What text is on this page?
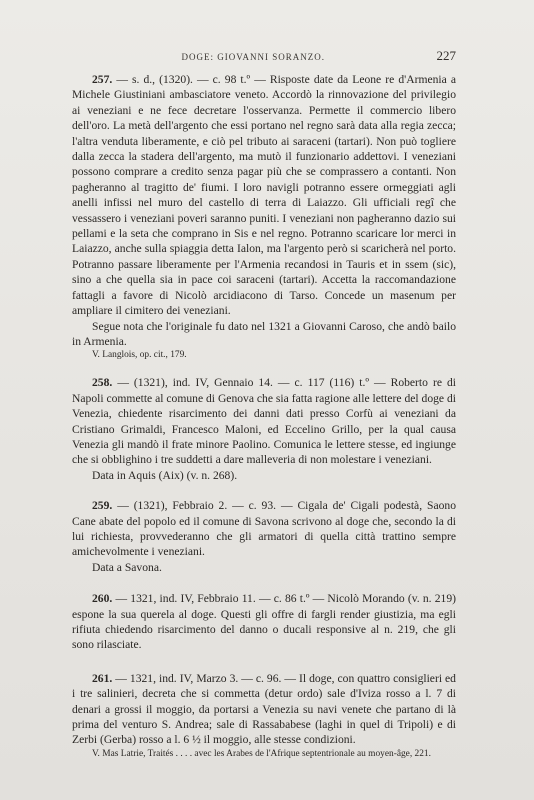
DOGE: GIOVANNI SORANZO.	227

257. — s. d., (1320). — c. 98 t.º — Risposte date da Leone re d'Armenia a Michele Giustiniani ambasciatore veneto. Accordò la rinnovazione del privilegio ai veneziani e ne fece decretare l'osservanza. Permette il commercio libero dell'oro. La metà dell'argento che essi portano nel regno sarà data alla regia zecca; l'altra venduta liberamente, e ciò pel tributo ai saraceni (tartari). Non può togliere dalla zecca la stadera dell'argento, ma mutò il funzionario addettovi. I veneziani possono comprare a credito senza pagar più che se comprassero a contanti. Non pagheranno al tragitto de' fiumi. I loro navigli potranno essere ormeggiati agli anelli infissi nel muro del castello di terra di Laiazzo. Gli ufficiali regî che vessassero i veneziani poveri saranno puniti. I veneziani non pagheranno dazio sui pellami e la seta che comprano in Sis e nel regno. Potranno scaricare lor merci in Laiazzo, anche sulla spiaggia detta Ialon, ma l'argento però si scaricherà nel porto. Potranno passare liberamente per l'Armenia recandosi in Tauris et in ssem (sic), sino a che quella sia in pace coi saraceni (tartari). Accetta la raccomandazione fattagli a favore di Nicolò arcidiacono di Tarso. Concede un masenum per ampliare il cimitero dei veneziani.

Segue nota che l'originale fu dato nel 1321 a Giovanni Caroso, che andò bailo in Armenia.

V. Langlois, op. cit., 179.

258. — (1321), ind. IV, Gennaio 14. — c. 117 (116) t.º — Roberto re di Napoli commette al comune di Genova che sia fatta ragione alle lettere del doge di Venezia, chiedente risarcimento dei danni dati presso Corfù ai veneziani da Cristiano Grimaldi, Francesco Maloni, ed Eccelino Grillo, per la qual causa Venezia gli mandò il frate minore Paolino. Comunica le lettere stesse, ed ingiunge che si obblighino i tre suddetti a dare malleveria di non molestare i veneziani.

Data in Aquis (Aix) (v. n. 268).

259. — (1321), Febbraio 2. — c. 93. — Cigala de' Cigali podestà, Saono Cane abate del popolo ed il comune di Savona scrivono al doge che, secondo la di lui richiesta, provvederanno che gli armatori di quella città trattino sempre amichevolmente i veneziani.

Data a Savona.

260. — 1321, ind. IV, Febbraio 11. — c. 86 t.º — Nicolò Morando (v. n. 219) espone la sua querela al doge. Questi gli offre di fargli render giustizia, ma egli rifiuta chiedendo risarcimento del danno o ducali responsive al n. 219, che gli sono rilasciate.

261. — 1321, ind. IV, Marzo 3. — c. 96. — Il doge, con quattro consiglieri ed i tre salinieri, decreta che si commetta (detur ordo) sale d'Iviza rosso a l. 7 di denari a grossi il moggio, da portarsi a Venezia su navi venete che partano di là prima del venturo S. Andrea; sale di Rassababese (laghi in quel di Tripoli) e di Zerbi (Gerba) rosso a l. 6 ½ il moggio, alle stesse condizioni.

V. Mas Latrie, Traités . . . . avec les Arabes de l'Afrique septentrionale au moyen-âge, 221.
